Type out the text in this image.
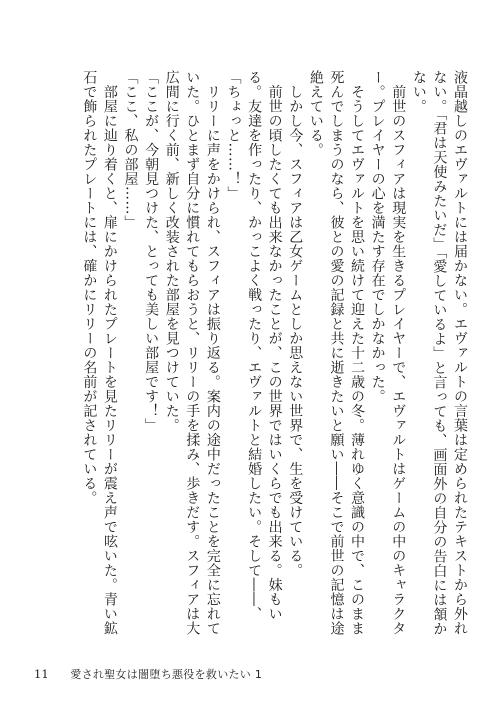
液晶越しのエヴァルトには届かない。エヴァルトの言葉は定められたテキストから外れない。「君は天使みたいだ」「愛しているよ」と言っても、画面外の自分の告白には頷かない。

　前世のスフィアは現実を生きるプレイヤーで、エヴァルトはゲームの中のキャラクター。プレイヤーの心を満たす存在でしかなかった。

　そうしてエヴァルトを思い続けて迎えた十二歳の冬。薄れゆく意識の中で、このまま死んでしまうのなら、彼との愛の記録と共に逝きたいと願い――そこで前世の記憶は途絶えている。

　しかし今、スフィアは乙女ゲームとしか思えない世界で、生を受けている。

　前世の頃したくても出来なかったことが、この世界ではいくらでも出来る。妹もいる。友達を作ったり、かっこよく戦ったり、エヴァルトと結婚したい。そして――、

「ちょっと……！」

　リリーに声をかけられ、スフィアは振り返る。案内の途中だったことを完全に忘れていた。ひとまず自分に慣れてもらおうと、リリーの手を揉み、歩きだす。スフィアは大広間に行く前、新しく改装された部屋を見つけていた。

「ここが、今朝見つけた、とっても美しい部屋です！」

「ここ、私の部屋……」

　部屋に辿り着くと、扉にかけられたプレートを見たリリーが震え声で呟いた。青い鉱石で飾られたプレートには、確かにリリーの名前が記されている。

11 愛され聖女は闇堕ち悪役を救いたい 1
